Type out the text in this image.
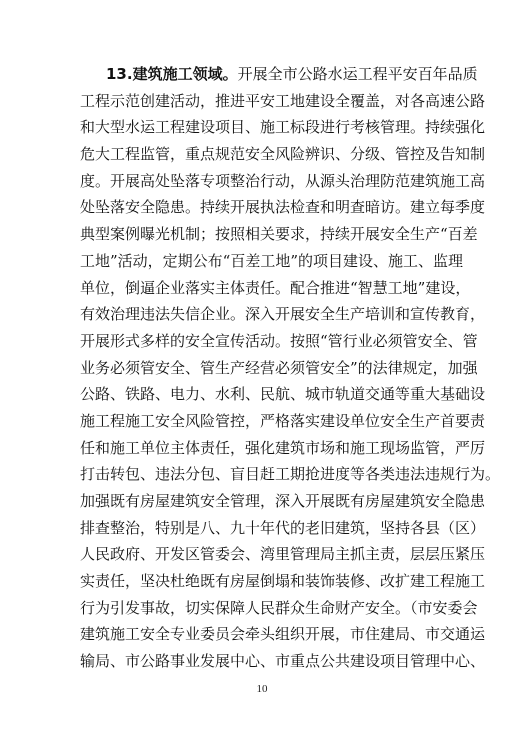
13.建筑施工领域。开展全市公路水运工程平安百年品质
工程示范创建活动，推进平安工地建设全覆盖，对各高速公路
和大型水运工程建设项目、施工标段进行考核管理。持续强化
危大工程监管，重点规范安全风险辨识、分级、管控及告知制
度。开展高处坠落专项整治行动，从源头治理防范建筑施工高
处坠落安全隐患。持续开展执法检查和明查暗访。建立每季度
典型案例曝光机制；按照相关要求，持续开展安全生产“百差
工地”活动，定期公布“百差工地”的项目建设、施工、监理
单位，倒逼企业落实主体责任。配合推进“智慧工地”建设，
有效治理违法失信企业。深入开展安全生产培训和宣传教育，
开展形式多样的安全宣传活动。按照“管行业必须管安全、管
业务必须管安全、管生产经营必须管安全”的法律规定，加强
公路、铁路、电力、水利、民航、城市轨道交通等重大基础设
施工程施工安全风险管控，严格落实建设单位安全生产首要责
任和施工单位主体责任，强化建筑市场和施工现场监管，严厉
打击转包、违法分包、盲目赶工期抢进度等各类违法违规行为。
加强既有房屋建筑安全管理，深入开展既有房屋建筑安全隐患
排查整治，特别是八、九十年代的老旧建筑，坚持各县（区）
人民政府、开发区管委会、湾里管理局主抓主责，层层压紧压
实责任，坚决杜绝既有房屋倒塌和装饰装修、改扩建工程施工
行为引发事故，切实保障人民群众生命财产安全。（市安委会
建筑施工安全专业委员会牵头组织开展，市住建局、市交通运
输局、市公路事业发展中心、市重点公共建设项目管理中心、
10
